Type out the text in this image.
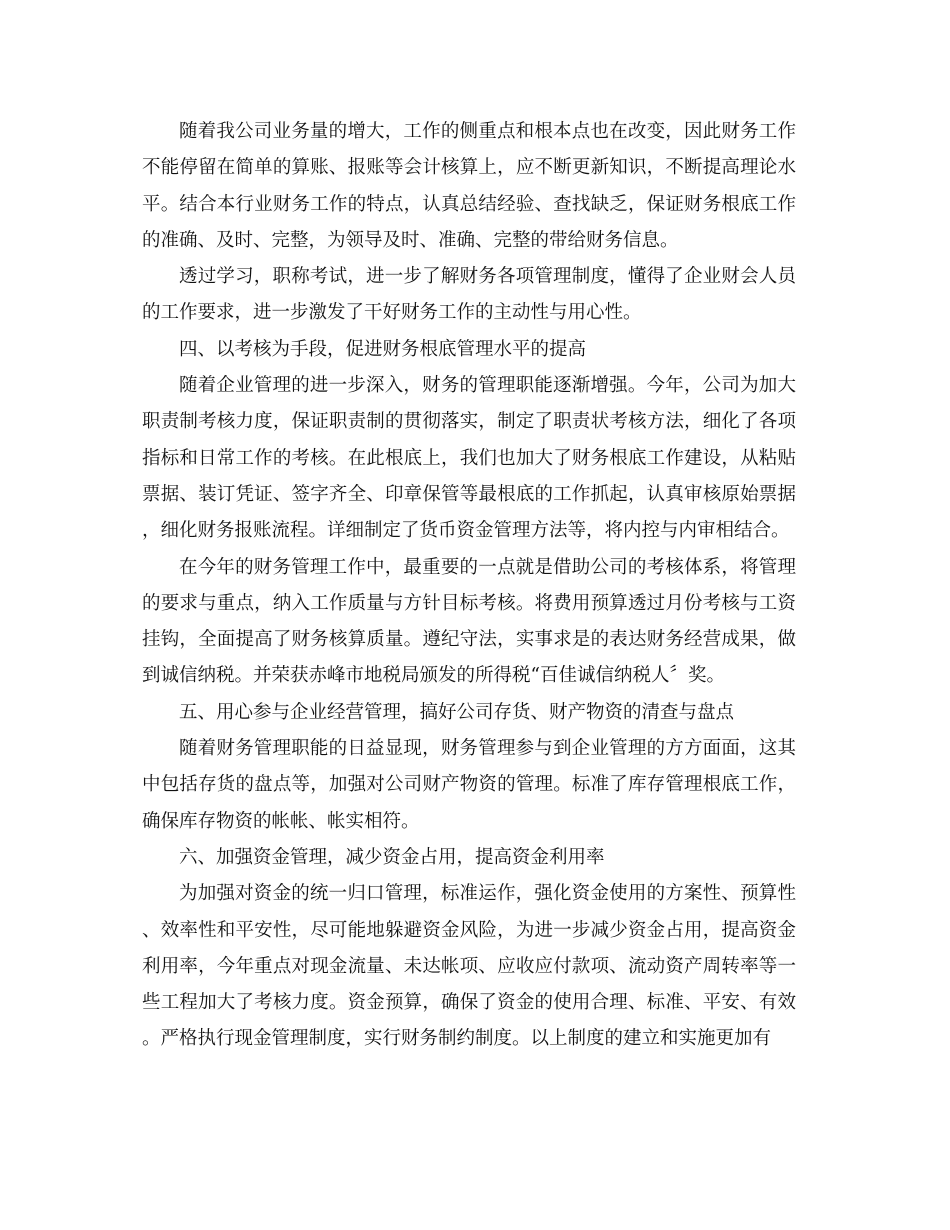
随着我公司业务量的增大，工作的侧重点和根本点也在改变，因此财务工作不能停留在简单的算账、报账等会计核算上，应不断更新知识，不断提高理论水平。结合本行业财务工作的特点，认真总结经验、查找缺乏，保证财务根底工作的准确、及时、完整，为领导及时、准确、完整的带给财务信息。

透过学习，职称考试，进一步了解财务各项管理制度，懂得了企业财会人员的工作要求，进一步激发了干好财务工作的主动性与用心性。

四、以考核为手段，促进财务根底管理水平的提高

随着企业管理的进一步深入，财务的管理职能逐渐增强。今年，公司为加大职责制考核力度，保证职责制的贯彻落实，制定了职责状考核方法，细化了各项指标和日常工作的考核。在此根底上，我们也加大了财务根底工作建设，从粘贴票据、装订凭证、签字齐全、印章保管等最根底的工作抓起，认真审核原始票据，细化财务报账流程。详细制定了货币资金管理方法等，将内控与内审相结合。

在今年的财务管理工作中，最重要的一点就是借助公司的考核体系，将管理的要求与重点，纳入工作质量与方针目标考核。将费用预算透过月份考核与工资挂钩，全面提高了财务核算质量。遵纪守法，实事求是的表达财务经营成果，做到诚信纳税。并荣获赤峰市地税局颁发的所得税“百佳诚信纳税人〞奖。

五、用心参与企业经营管理，搞好公司存货、财产物资的清查与盘点

随着财务管理职能的日益显现，财务管理参与到企业管理的方方面面，这其中包括存货的盘点等，加强对公司财产物资的管理。标准了库存管理根底工作，确保库存物资的帐帐、帐实相符。

六、加强资金管理，减少资金占用，提高资金利用率

为加强对资金的统一归口管理，标准运作，强化资金使用的方案性、预算性、效率性和平安性，尽可能地躲避资金风险，为进一步减少资金占用，提高资金利用率，今年重点对现金流量、未达帐项、应收应付款项、流动资产周转率等一些工程加大了考核力度。资金预算，确保了资金的使用合理、标准、平安、有效。严格执行现金管理制度，实行财务制约制度。以上制度的建立和实施更加有
